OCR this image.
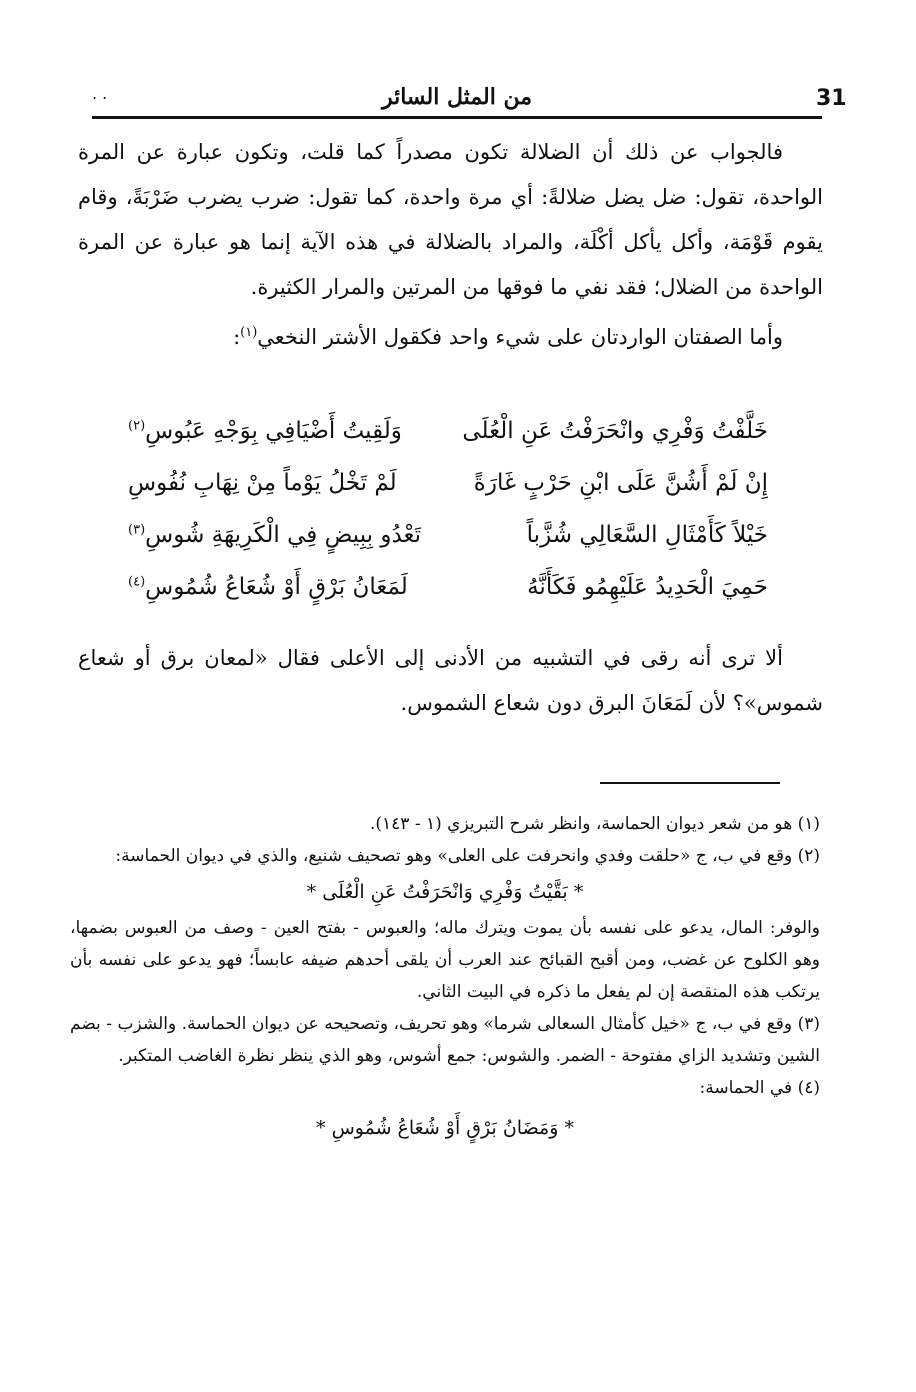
. .	من المثل السائر	31

فالجواب عن ذلك أن الضلالة تكون مصدراً كما قلت، وتكون عبارة عن المرة الواحدة، تقول: ضل يضل ضلالةً: أي مرة واحدة، كما تقول: ضرب يضرب ضَرْبَةً، وقام يقوم قَوْمَة، وأكل يأكل أكْلَة، والمراد بالضلالة في هذه الآية إنما هو عبارة عن المرة الواحدة من الضلال؛ فقد نفي ما فوقها من المرتين والمرار الكثيرة.

وأما الصفتان الواردتان على شيء واحد فكقول الأشتر النخعي$^{(١)}$:

خَلَّفْتُ وَفْرِي وانْحَرَفْتُ عَنِ الْعُلَى
وَلَقِيتُ أَضْيَافِي بِوَجْهِ عَبُوسِ$^{(٢)}$
إِنْ لَمْ أَشُنَّ عَلَى ابْنِ حَرْبٍ غَارَةً
لَمْ تَخْلُ يَوْماً مِنْ نِهَابِ نُفُوسِ
خَيْلاً كَأَمْثَالِ السَّعَالِي شُزَّباً
تَعْدُو بِبِيضٍ فِي الْكَرِيهَةِ شُوسِ$^{(٣)}$
حَمِيَ الْحَدِيدُ عَلَيْهِمُو فَكَأَنَّهُ
لَمَعَانُ بَرْقٍ أَوْ شُعَاعُ شُمُوسِ$^{(٤)}$

ألا ترى أنه رقى في التشبيه من الأدنى إلى الأعلى فقال «لمعان برق أو شعاع شموس»؟ لأن لَمَعَانَ البرق دون شعاع الشموس.

(١) هو من شعر ديوان الحماسة، وانظر شرح التبريزي (١ - ١٤٣).

(٢) وقع في ب، ج «حلقت وفدي وانحرفت على العلى» وهو تصحيف شنيع، والذي في ديوان الحماسة:

* بَقَّيْتُ وَفْرِي وَانْحَرَفْتُ عَنِ الْعُلَى *

والوفر: المال، يدعو على نفسه بأن يموت ويترك ماله؛ والعبوس - بفتح العين - وصف من العبوس بضمها، وهو الكلوح عن غضب، ومن أقبح القبائح عند العرب أن يلقى أحدهم ضيفه عابساً؛ فهو يدعو على نفسه بأن يرتكب هذه المنقصة إن لم يفعل ما ذكره في البيت الثاني.

(٣) وقع في ب، ج «خيل كأمثال السعالى شرما» وهو تحريف، وتصحيحه عن ديوان الحماسة. والشزب - بضم الشين وتشديد الزاي مفتوحة - الضمر. والشوس: جمع أشوس، وهو الذي ينظر نظرة الغاضب المتكبر.

(٤) في الحماسة:

* وَمَضَانُ بَرْقٍ أَوْ شُعَاعُ شُمُوسِ *
